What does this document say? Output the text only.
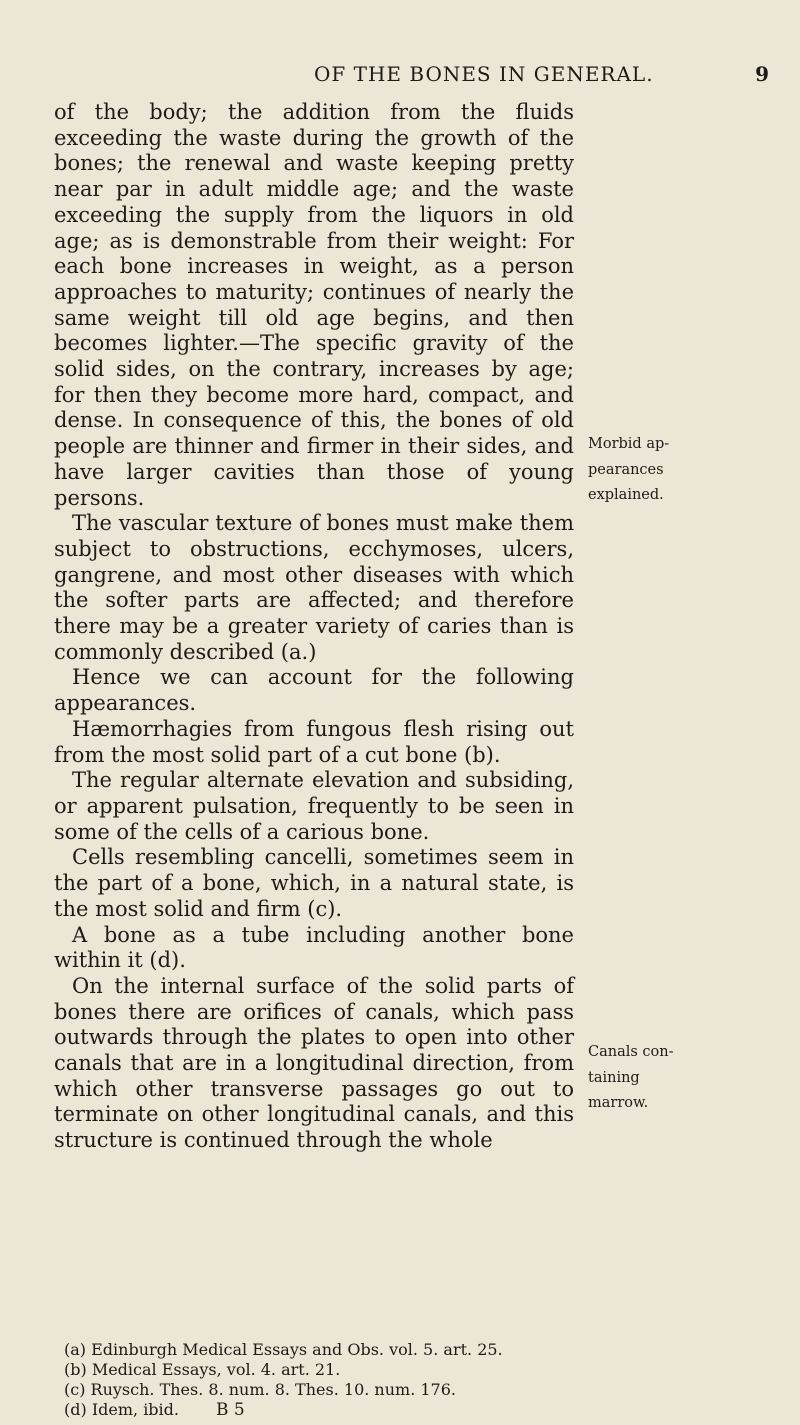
OF THE BONES IN GENERAL.	9

of the body; the addition from the fluids exceeding the waste during the growth of the bones; the renewal and waste keeping pretty near par in adult middle age; and the waste exceeding the supply from the liquors in old age; as is demonstrable from their weight: For each bone increases in weight, as a person approaches to maturity; continues of nearly the same weight till old age begins, and then becomes lighter.—The specific gravity of the solid sides, on the contrary, increases by age; for then they become more hard, compact, and dense. In consequence of this, the bones of old people are thinner and firmer in their sides, and have larger cavities than those of young persons.

The vascular texture of bones must make them subject to obstructions, ecchymoses, ulcers, gangrene, and most other diseases with which the softer parts are affected; and therefore there may be a greater variety of caries than is commonly described (a.)

Hence we can account for the following appearances.

Hæmorrhagies from fungous flesh rising out from the most solid part of a cut bone (b).

The regular alternate elevation and subsiding, or apparent pulsation, frequently to be seen in some of the cells of a carious bone.

Cells resembling cancelli, sometimes seem in the part of a bone, which, in a natural state, is the most solid and firm (c).

A bone as a tube including another bone within it (d).

On the internal surface of the solid parts of bones there are orifices of canals, which pass outwards through the plates to open into other canals that are in a longitudinal direction, from which other transverse passages go out to terminate on other longitudinal canals, and this structure is continued through the whole

Morbid ap-
pearances
explained.
Canals con-
taining
marrow.
(a) Edinburgh Medical Essays and Obs. vol. 5. art. 25.
(b) Medical Essays, vol. 4. art. 21.
(c) Ruysch. Thes. 8. num. 8. Thes. 10. num. 176.
(d) Idem, ibid.	B 5
